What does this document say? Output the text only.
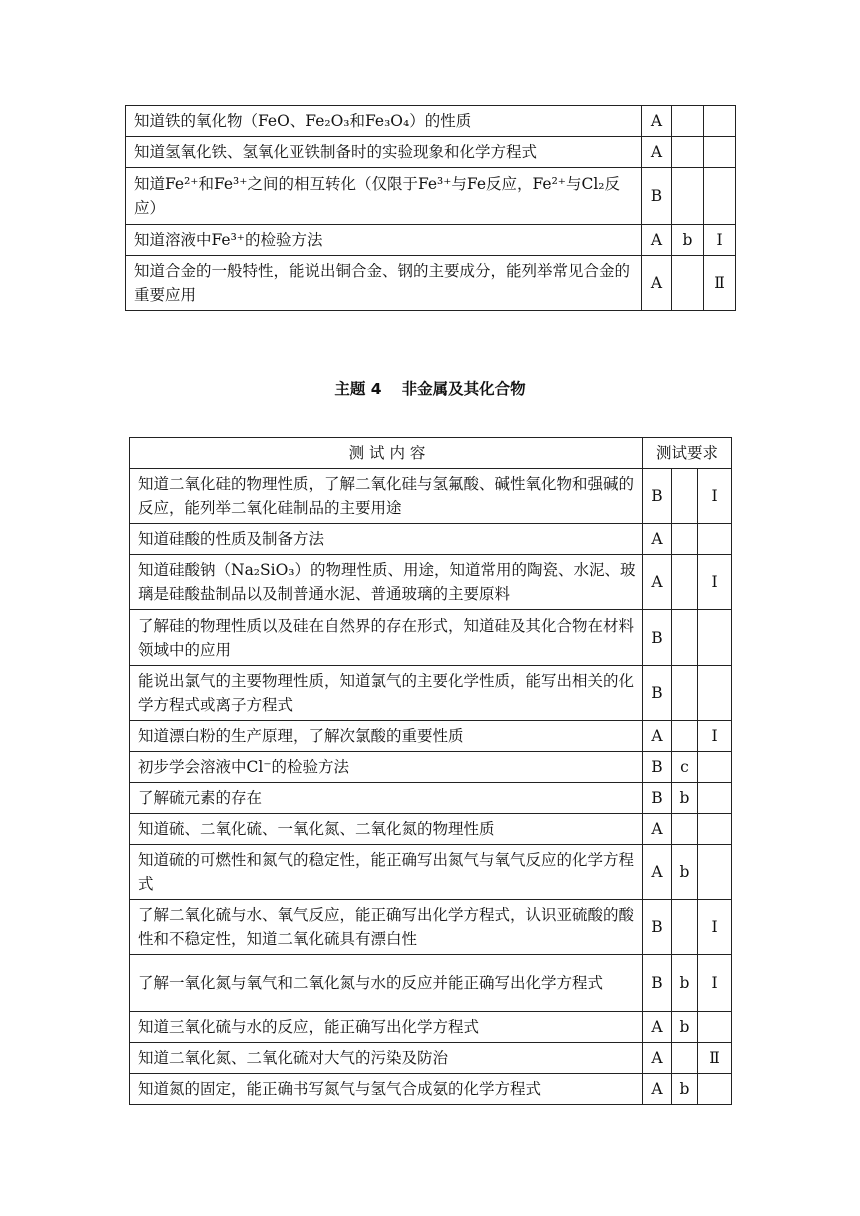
知道铁的氧化物（FeO、Fe₂O₃和Fe₃O₄）的性质	A		
知道氢氧化铁、氢氧化亚铁制备时的实验现象和化学方程式	A		
知道Fe²⁺和Fe³⁺之间的相互转化（仅限于Fe³⁺与Fe反应，Fe²⁺与Cl₂反应）	B		
知道溶液中Fe³⁺的检验方法	A	b	Ⅰ
知道合金的一般特性，能说出铜合金、钢的主要成分，能列举常见合金的重要应用	A		Ⅱ
主题 4 非金属及其化合物
测 试 内 容	测试要求		
知道二氧化硅的物理性质，了解二氧化硅与氢氟酸、碱性氧化物和强碱的反应，能列举二氧化硅制品的主要用途	B		Ⅰ
知道硅酸的性质及制备方法	A		
知道硅酸钠（Na₂SiO₃）的物理性质、用途，知道常用的陶瓷、水泥、玻璃是硅酸盐制品以及制普通水泥、普通玻璃的主要原料	A		Ⅰ
了解硅的物理性质以及硅在自然界的存在形式，知道硅及其化合物在材料领域中的应用	B		
能说出氯气的主要物理性质，知道氯气的主要化学性质，能写出相关的化学方程式或离子方程式	B		
知道漂白粉的生产原理，了解次氯酸的重要性质	A		Ⅰ
初步学会溶液中Cl⁻的检验方法	B	c	
了解硫元素的存在	B	b	
知道硫、二氧化硫、一氧化氮、二氧化氮的物理性质	A		
知道硫的可燃性和氮气的稳定性，能正确写出氮气与氧气反应的化学方程式	A	b	
了解二氧化硫与水、氧气反应，能正确写出化学方程式，认识亚硫酸的酸性和不稳定性，知道二氧化硫具有漂白性	B		Ⅰ
了解一氧化氮与氧气和二氧化氮与水的反应并能正确写出化学方程式	B	b	Ⅰ
知道三氧化硫与水的反应，能正确写出化学方程式	A	b	
知道二氧化氮、二氧化硫对大气的污染及防治	A		Ⅱ
知道氮的固定，能正确书写氮气与氢气合成氨的化学方程式	A	b	
